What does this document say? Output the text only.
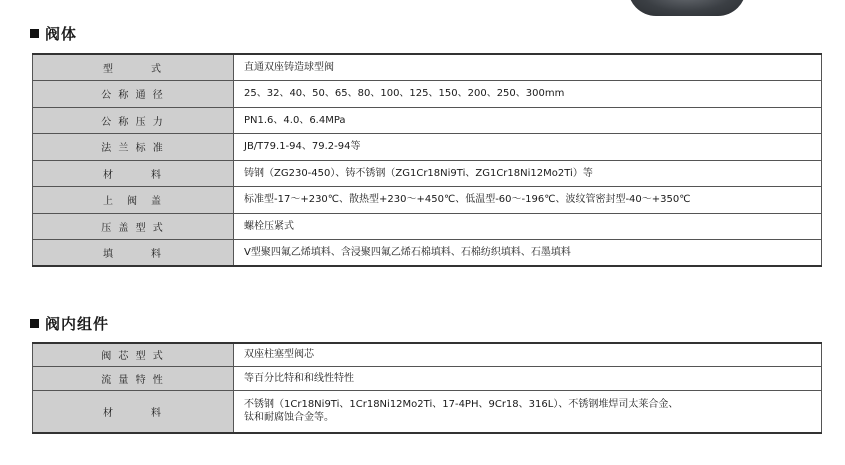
阀体
型　　　式	直通双座铸造球型阀
公 称 通 径	25、32、40、50、65、80、100、125、150、200、250、300mm
公 称 压 力	PN1.6、4.0、6.4MPa
法 兰 标 准	JB/T79.1-94、79.2-94等
材　　　料	铸钢（ZG230-450）、铸不锈钢（ZG1Cr18Ni9Ti、ZG1Cr18Ni12Mo2Ti）等
上　阀　盖	标准型-17～+230℃、散热型+230～+450℃、低温型-60～-196℃、波纹管密封型-40～+350℃
压 盖 型 式	螺栓压紧式
填　　　料	V型聚四氟乙烯填料、含浸聚四氟乙烯石棉填料、石棉纺织填料、石墨填料
阀内组件
阀 芯 型 式	双座柱塞型阀芯
流 量 特 性	等百分比特和和线性特性
材　　　料	不锈钢（1Cr18Ni9Ti、1Cr18Ni12Mo2Ti、17-4PH、9Cr18、316L）、不锈钢堆焊司太莱合金、
钛和耐腐蚀合金等。
